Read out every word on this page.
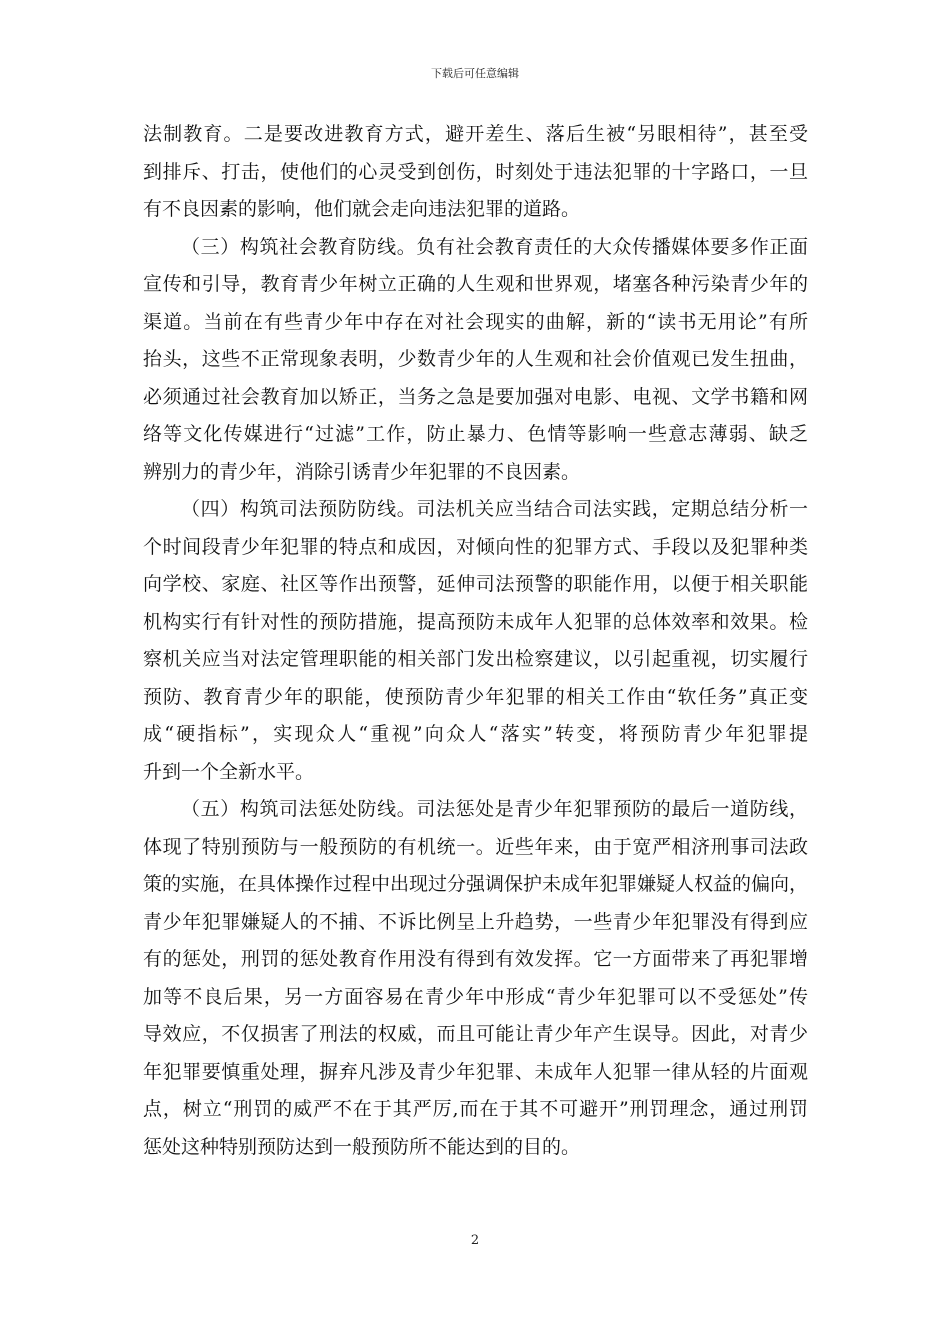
下载后可任意编辑
法制教育。二是要改进教育方式，避开差生、落后生被“另眼相待”，甚至受
到排斥、打击，使他们的心灵受到创伤，时刻处于违法犯罪的十字路口，一旦
有不良因素的影响，他们就会走向违法犯罪的道路。
（三）构筑社会教育防线。负有社会教育责任的大众传播媒体要多作正面
宣传和引导，教育青少年树立正确的人生观和世界观，堵塞各种污染青少年的
渠道。当前在有些青少年中存在对社会现实的曲解，新的“读书无用论”有所
抬头，这些不正常现象表明，少数青少年的人生观和社会价值观已发生扭曲，
必须通过社会教育加以矫正，当务之急是要加强对电影、电视、文学书籍和网
络等文化传媒进行“过滤”工作，防止暴力、色情等影响一些意志薄弱、缺乏
辨别力的青少年，消除引诱青少年犯罪的不良因素。
（四）构筑司法预防防线。司法机关应当结合司法实践，定期总结分析一
个时间段青少年犯罪的特点和成因，对倾向性的犯罪方式、手段以及犯罪种类
向学校、家庭、社区等作出预警，延伸司法预警的职能作用，以便于相关职能
机构实行有针对性的预防措施，提高预防未成年人犯罪的总体效率和效果。检
察机关应当对法定管理职能的相关部门发出检察建议，以引起重视，切实履行
预防、教育青少年的职能，使预防青少年犯罪的相关工作由“软任务”真正变
成“硬指标”，实现众人“重视”向众人“落实”转变，将预防青少年犯罪提
升到一个全新水平。
（五）构筑司法惩处防线。司法惩处是青少年犯罪预防的最后一道防线，
体现了特别预防与一般预防的有机统一。近些年来，由于宽严相济刑事司法政
策的实施，在具体操作过程中出现过分强调保护未成年犯罪嫌疑人权益的偏向，
青少年犯罪嫌疑人的不捕、不诉比例呈上升趋势，一些青少年犯罪没有得到应
有的惩处，刑罚的惩处教育作用没有得到有效发挥。它一方面带来了再犯罪增
加等不良后果，另一方面容易在青少年中形成“青少年犯罪可以不受惩处”传
导效应，不仅损害了刑法的权威，而且可能让青少年产生误导。因此，对青少
年犯罪要慎重处理，摒弃凡涉及青少年犯罪、未成年人犯罪一律从轻的片面观
点，树立“刑罚的威严不在于其严厉,而在于其不可避开”刑罚理念，通过刑罚
惩处这种特别预防达到一般预防所不能达到的目的。
2
